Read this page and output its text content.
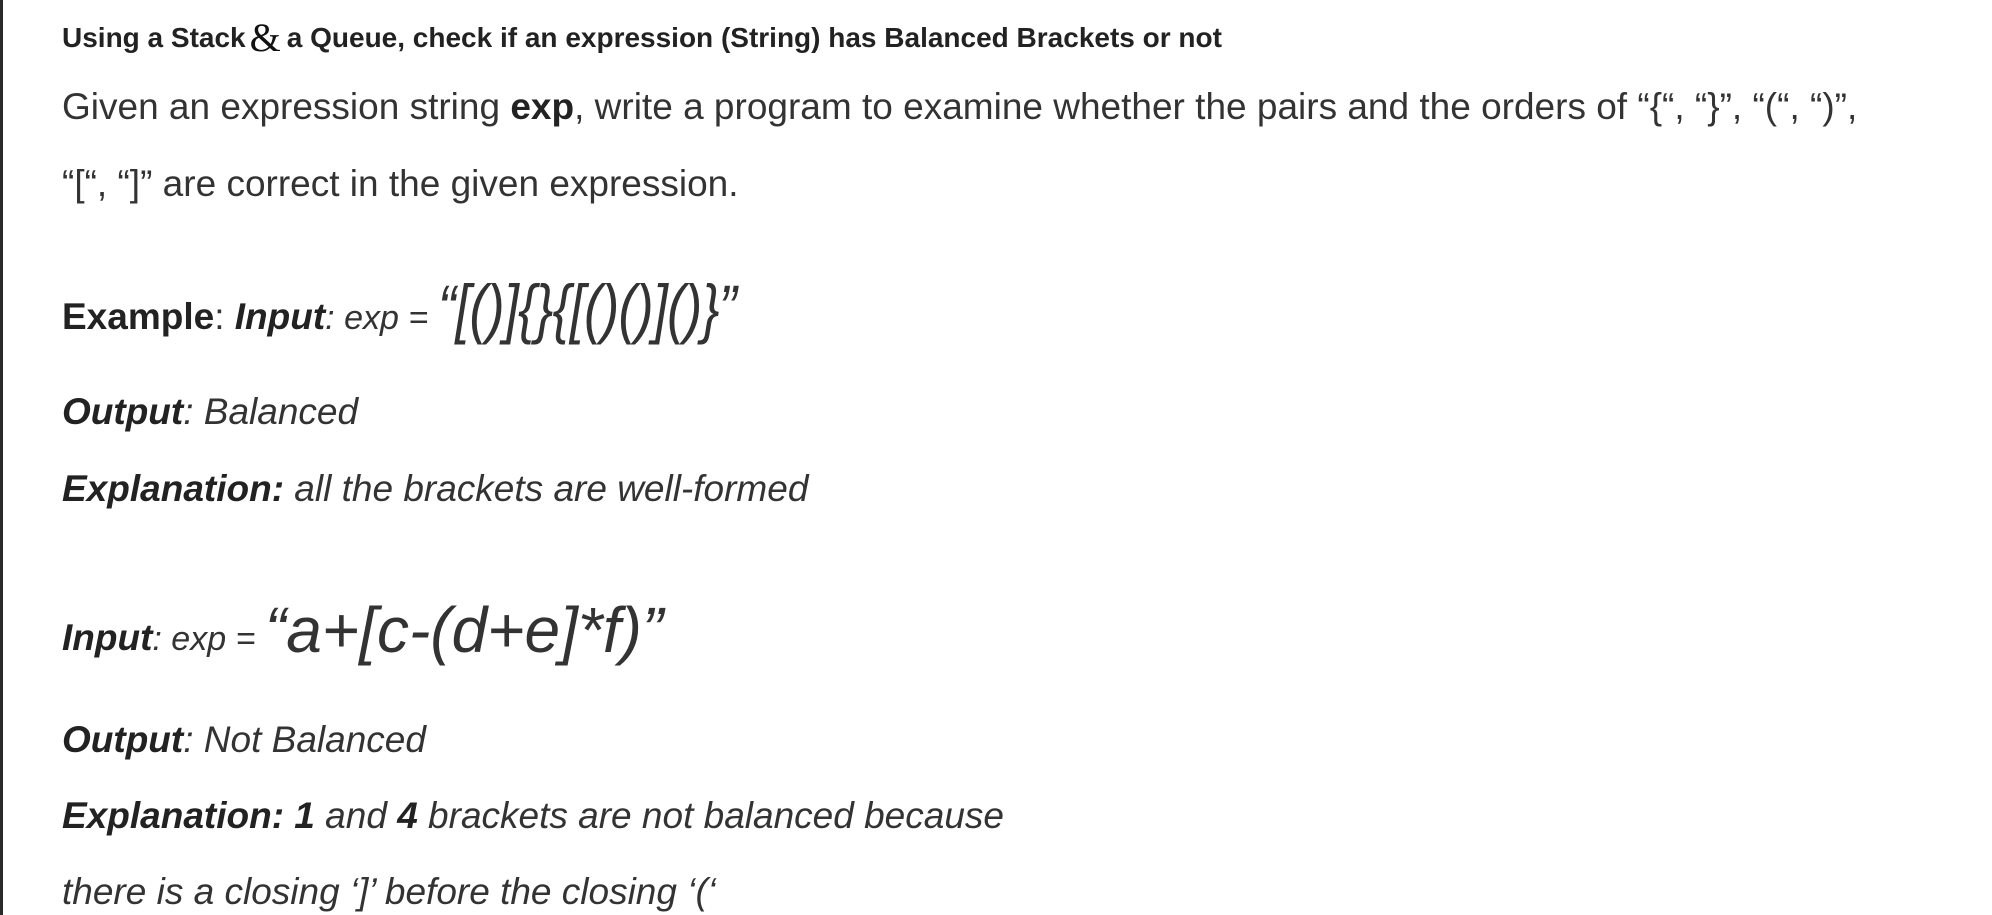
Using a Stack & a Queue, check if an expression (String) has Balanced Brackets or not
Given an expression string exp, write a program to examine whether the pairs and the orders of “{“, “}”, “(“, “)”,
“[“, “]” are correct in the given expression.
Example: Input: exp = “[()]{}{[()()]()}”
Output: Balanced
Explanation: all the brackets are well-formed
Input: exp = “a+[c-(d+e]*f)”
Output: Not Balanced
Explanation: 1 and 4 brackets are not balanced because
there is a closing ‘]’ before the closing ‘(‘
